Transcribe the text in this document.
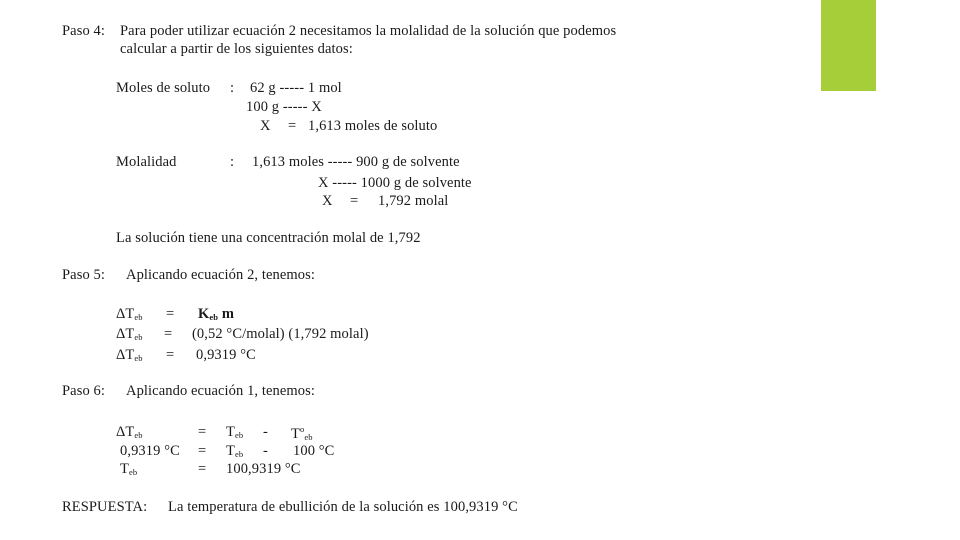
Paso 4: Para poder utilizar ecuación 2 necesitamos la molalidad de la solución que podemos
calcular a partir de los siguientes datos:
Moles de soluto : 62 g ----- 1 mol
100 g ----- X
X = 1,613 moles de soluto
Molalidad	: 1,613 moles ----- 900 g de solvente
X ----- 1000 g de solvente
X = 1,792 molal
La solución tiene una concentración molal de 1,792
Paso 5: Aplicando ecuación 2, tenemos:
$\Delta T_{eb} = K_{eb}$ m
$\Delta T_{eb} = (0,52$ °C/molal) (1,792 molal)
$\Delta T_{eb} = 0,9319$ °C
Paso 6: Aplicando ecuación 1, tenemos:
$\Delta T_{eb}$	= $T_{eb} - T^o_{eb}$
0,9319 $^\circ C = T_{eb} - 100$ °C
$T_{eb}$	= 100,9319 °C
RESPUESTA: La temperatura de ebullición de la solución es 100,9319 °C
